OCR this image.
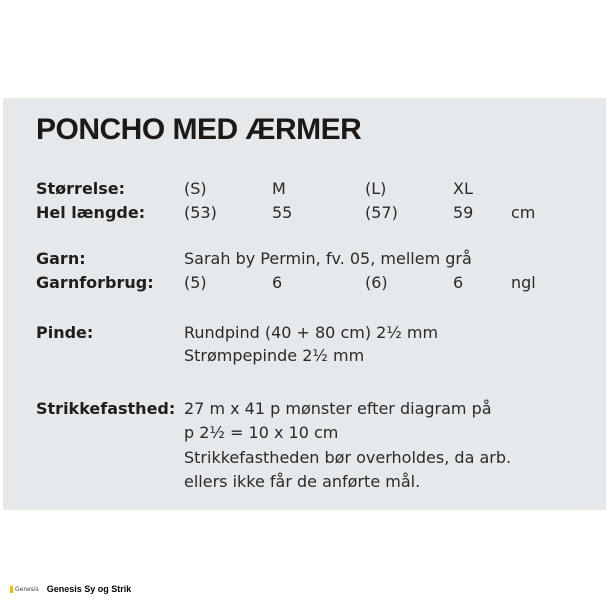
PONCHO MED ÆRMER
Størrelse:	(S)	M	(L)	XL
Hel længde: (53)	55	(57)	59 cm
Garn:	Sarah by Permin, fv. 05, mellem grå
Garnforbrug: (5)	6	(6)	6	ngl
Pinde:	Rundpind (40 + 80 cm) 2½ mm
Strømpepinde 2½ mm
Strikkefasthed: 27 m x 41 p mønster efter diagram på
p 2½ = 10 x 10 cm
Strikkefastheden bør overholdes, da arb.
ellers ikke får de anførte mål.
Genesis Genesis Sy og Strik
